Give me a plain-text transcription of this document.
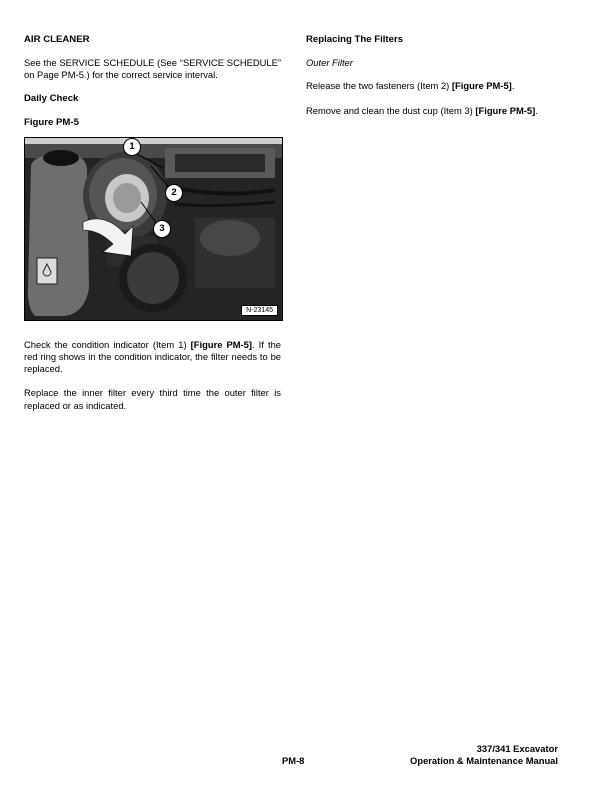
AIR CLEANER

See the SERVICE SCHEDULE (See “SERVICE SCHEDULE” on Page PM-5.) for the correct service interval.

Daily Check
Figure PM-5
1
2
3
N-23145

Check the condition indicator (Item 1) [Figure PM-5]. If the red ring shows in the condition indicator, the filter needs to be replaced.

Replace the inner filter every third time the outer filter is replaced or as indicated.

Replacing The Filters

Outer Filter

Release the two fasteners (Item 2) [Figure PM-5].

Remove and clean the dust cup (Item 3) [Figure PM-5].

PM-8
337/341 Excavator
Operation & Maintenance Manual
